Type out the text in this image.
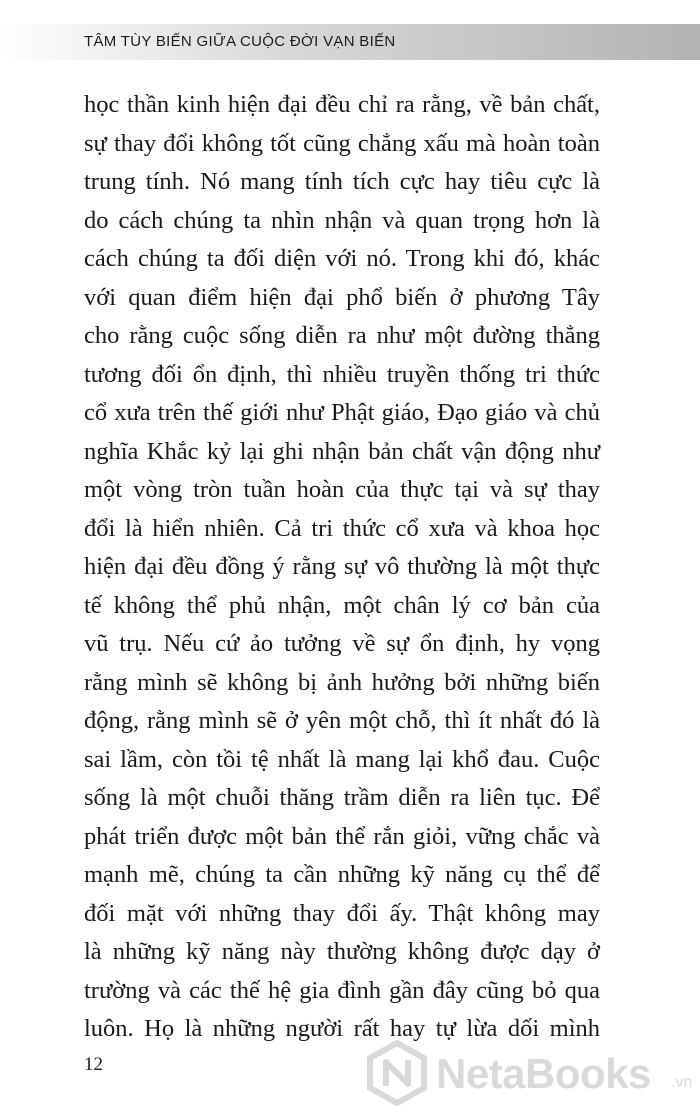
TÂM TÙY BIẾN GIỮA CUỘC ĐỜI VẠN BIẾN
học thần kinh hiện đại đều chỉ ra rằng, về bản chất,
sự thay đổi không tốt cũng chẳng xấu mà hoàn toàn
trung tính. Nó mang tính tích cực hay tiêu cực là
do cách chúng ta nhìn nhận và quan trọng hơn là
cách chúng ta đối diện với nó. Trong khi đó, khác
với quan điểm hiện đại phổ biến ở phương Tây
cho rằng cuộc sống diễn ra như một đường thẳng
tương đối ổn định, thì nhiều truyền thống tri thức
cổ xưa trên thế giới như Phật giáo, Đạo giáo và chủ
nghĩa Khắc kỷ lại ghi nhận bản chất vận động như
một vòng tròn tuần hoàn của thực tại và sự thay
đổi là hiển nhiên. Cả tri thức cổ xưa và khoa học
hiện đại đều đồng ý rằng sự vô thường là một thực
tế không thể phủ nhận, một chân lý cơ bản của
vũ trụ. Nếu cứ ảo tưởng về sự ổn định, hy vọng
rằng mình sẽ không bị ảnh hưởng bởi những biến
động, rằng mình sẽ ở yên một chỗ, thì ít nhất đó là
sai lầm, còn tồi tệ nhất là mang lại khổ đau. Cuộc
sống là một chuỗi thăng trầm diễn ra liên tục. Để
phát triển được một bản thể rắn giỏi, vững chắc và
mạnh mẽ, chúng ta cần những kỹ năng cụ thể để
đối mặt với những thay đổi ấy. Thật không may
là những kỹ năng này thường không được dạy ở
trường và các thế hệ gia đình gần đây cũng bỏ qua
luôn. Họ là những người rất hay tự lừa dối mình
12	NetaBooks .vn
